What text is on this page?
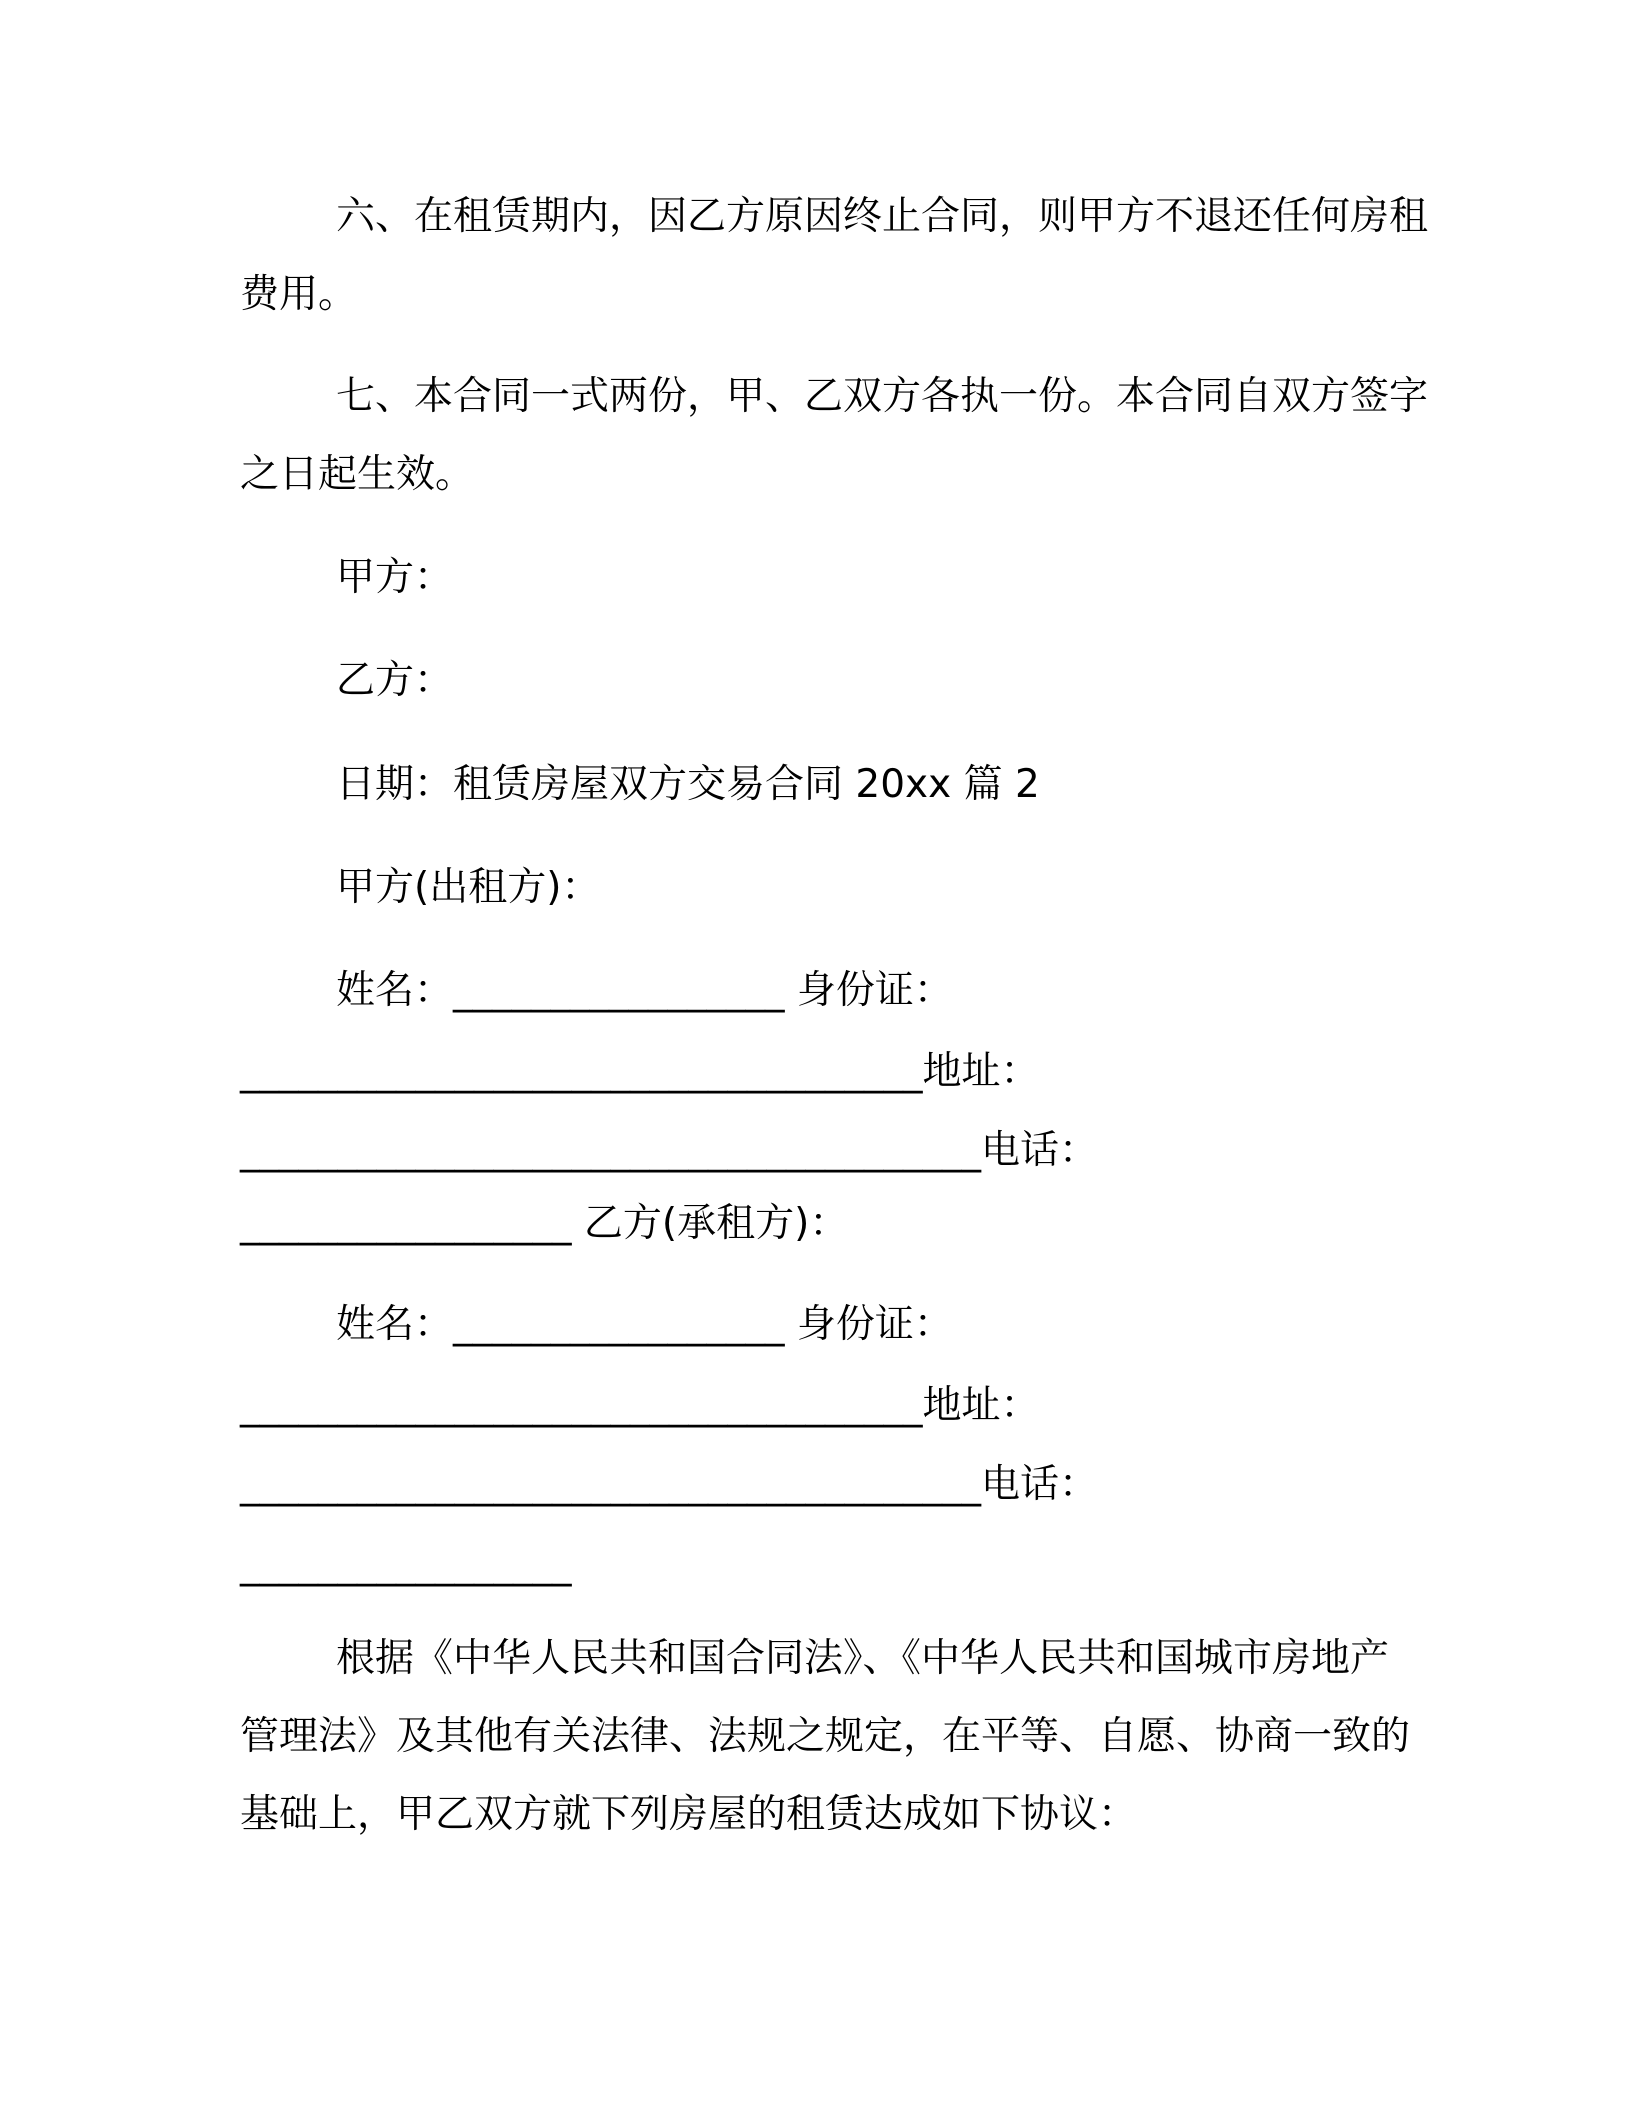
六、在租赁期内，因乙方原因终止合同，则甲方不退还任何房租
费用。
七、本合同一式两份，甲、乙双方各执一份。本合同自双方签字
之日起生效。
甲方：
乙方：
日期：租赁房屋双方交易合同 20xx 篇 2
甲方(出租方)：
姓名：_________________ 身份证：
___________________________________地址：
______________________________________电话：
_________________ 乙方(承租方)：
姓名：_________________ 身份证：
___________________________________地址：
______________________________________电话：
_________________
根据《中华人民共和国合同法》、《中华人民共和国城市房地产
管理法》及其他有关法律、法规之规定，在平等、自愿、协商一致的
基础上，甲乙双方就下列房屋的租赁达成如下协议：
